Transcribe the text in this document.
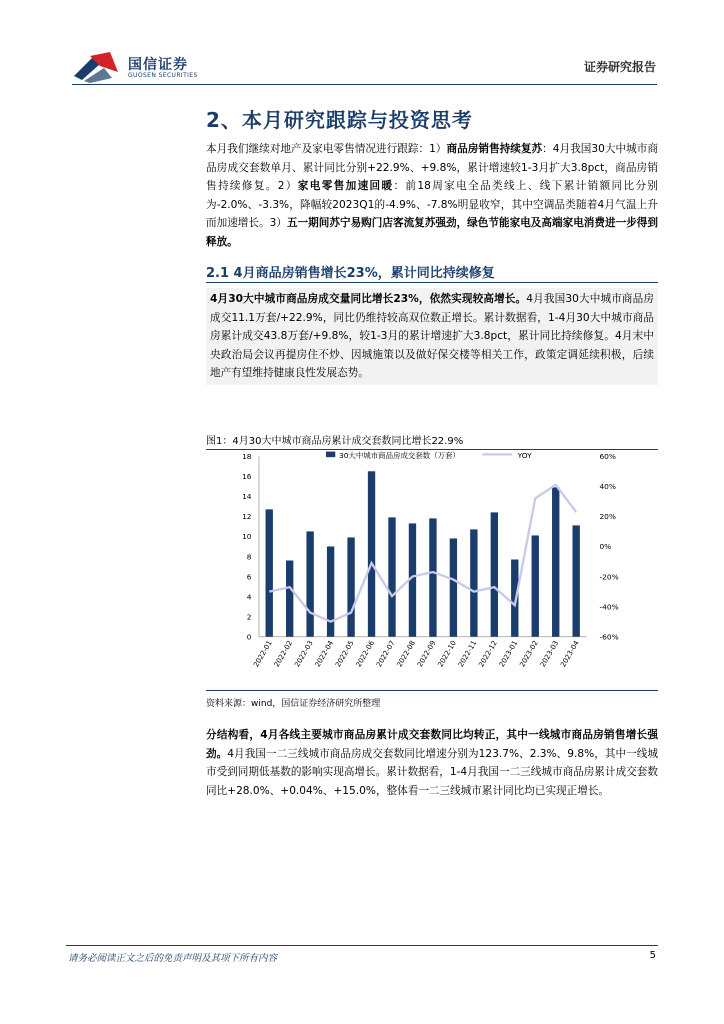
国信证券
GUOSEN SECURITIES
证券研究报告
2、本月研究跟踪与投资思考
本月我们继续对地产及家电零售情况进行跟踪：1）商品房销售持续复苏：4月我国30大中城市商品房成交套数单月、累计同比分别+22.9%、+9.8%，累计增速较1-3月扩大3.8pct，商品房销售持续修复。2）家电零售加速回暖：前18周家电全品类线上、线下累计销额同比分别为-2.0%、-3.3%，降幅较2023Q1的-4.9%、-7.8%明显收窄，其中空调品类随着4月气温上升而加速增长。3）五一期间苏宁易购门店客流复苏强劲，绿色节能家电及高端家电消费进一步得到释放。
2.1 4月商品房销售增长23%，累计同比持续修复
4月30大中城市商品房成交量同比增长23%，依然实现较高增长。4月我国30大中城市商品房成交11.1万套/+22.9%，同比仍维持较高双位数正增长。累计数据看，1-4月30大中城市商品房累计成交43.8万套/+9.8%，较1-3月的累计增速扩大3.8pct，累计同比持续修复。4月末中央政治局会议再提房住不炒、因城施策以及做好保交楼等相关工作，政策定调延续积极，后续地产有望维持健康良性发展态势。
图1：4月30大中城市商品房累计成交套数同比增长22.9%
0
2
4
6
8
10
12
14
16
18
-60%
-40%
-20%
0%
20%
40%
60%
2022-01
2022-02
2022-03
2022-04
2022-05
2022-06
2022-07
2022-08
2022-09
2022-10
2022-11
2022-12
2023-01
2023-02
2023-03
2023-04
30大中城市商品房成交套数（万套）	YOY
资料来源：wind，国信证券经济研究所整理
分结构看，4月各线主要城市商品房累计成交套数同比均转正，其中一线城市商品房销售增长强劲。4月我国一二三线城市商品房成交套数同比增速分别为123.7%、2.3%、9.8%，其中一线城市受到同期低基数的影响实现高增长。累计数据看，1-4月我国一二三线城市商品房累计成交套数同比+28.0%、+0.04%、+15.0%，整体看一二三线城市累计同比均已实现正增长。
请务必阅读正文之后的免责声明及其项下所有内容	5
